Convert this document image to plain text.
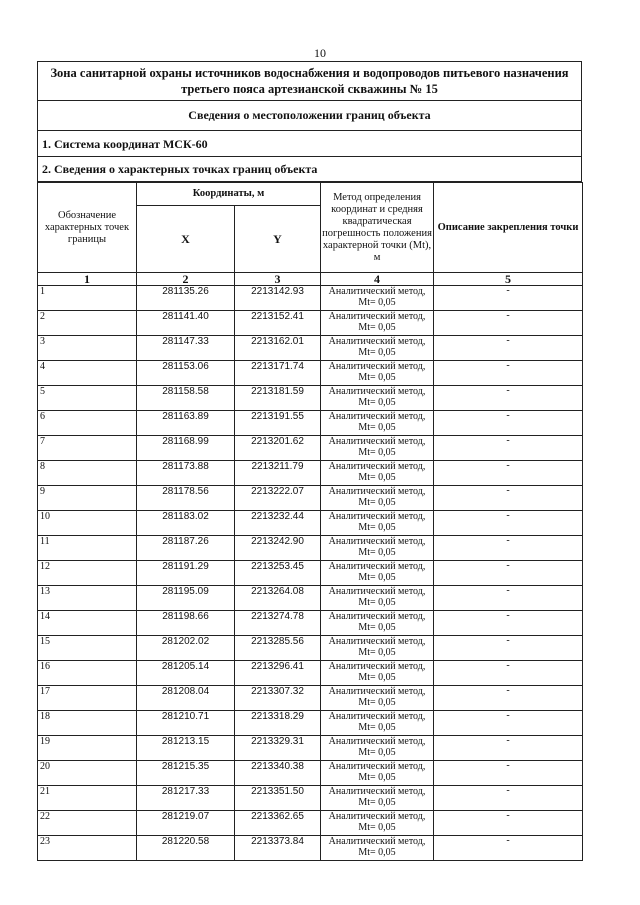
10
Зона санитарной охраны источников водоснабжения и водопроводов питьевого назначения третьего пояса артезианской скважины № 15
Сведения о местоположении границ объекта
1. Система координат МСК-60
2. Сведения о характерных точках границ объекта
Обозначение характерных точек границы	Координаты, м		Метод определения координат и средняя квадратическая погрешность положения характерной точки (Mt), м	Описание закрепления точки
	X	Y		
1	2	3	4	5
1	281135.26	2213142.93	Аналитический метод,
Mt= 0,05	-
2	281141.40	2213152.41	Аналитический метод,
Mt= 0,05	-
3	281147.33	2213162.01	Аналитический метод,
Mt= 0,05	-
4	281153.06	2213171.74	Аналитический метод,
Mt= 0,05	-
5	281158.58	2213181.59	Аналитический метод,
Mt= 0,05	-
6	281163.89	2213191.55	Аналитический метод,
Mt= 0,05	-
7	281168.99	2213201.62	Аналитический метод,
Mt= 0,05	-
8	281173.88	2213211.79	Аналитический метод,
Mt= 0,05	-
9	281178.56	2213222.07	Аналитический метод,
Mt= 0,05	-
10	281183.02	2213232.44	Аналитический метод,
Mt= 0,05	-
11	281187.26	2213242.90	Аналитический метод,
Mt= 0,05	-
12	281191.29	2213253.45	Аналитический метод,
Mt= 0,05	-
13	281195.09	2213264.08	Аналитический метод,
Mt= 0,05	-
14	281198.66	2213274.78	Аналитический метод,
Mt= 0,05	-
15	281202.02	2213285.56	Аналитический метод,
Mt= 0,05	-
16	281205.14	2213296.41	Аналитический метод,
Mt= 0,05	-
17	281208.04	2213307.32	Аналитический метод,
Mt= 0,05	-
18	281210.71	2213318.29	Аналитический метод,
Mt= 0,05	-
19	281213.15	2213329.31	Аналитический метод,
Mt= 0,05	-
20	281215.35	2213340.38	Аналитический метод,
Mt= 0,05	-
21	281217.33	2213351.50	Аналитический метод,
Mt= 0,05	-
22	281219.07	2213362.65	Аналитический метод,
Mt= 0,05	-
23	281220.58	2213373.84	Аналитический метод,
Mt= 0,05	-
